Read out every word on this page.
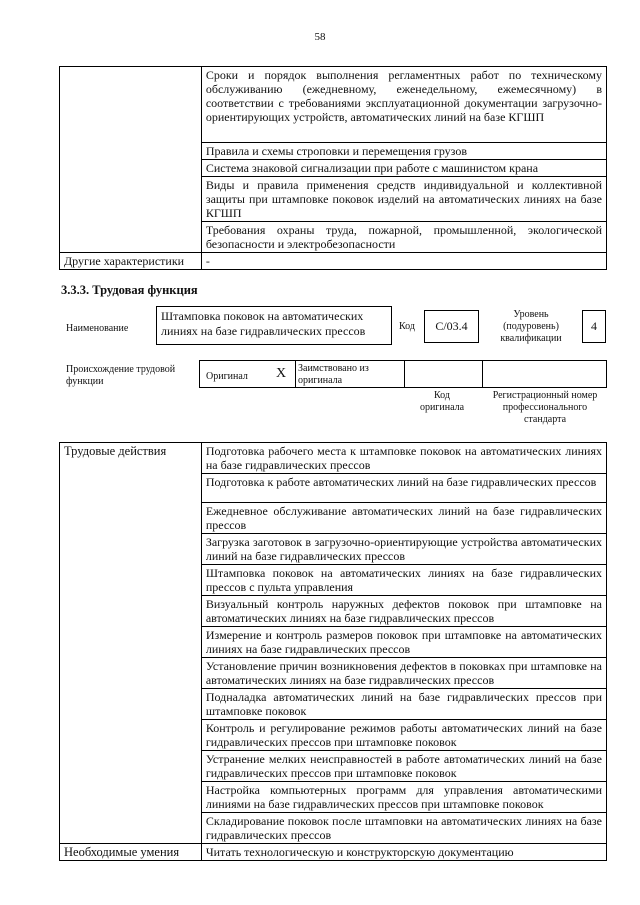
58
	Сроки и порядок выполнения регламентных работ по техническому обслуживанию (ежедневному, еженедельному, ежемесячному) в соответствии с требованиями эксплуатационной документации загрузочно-ориентирующих устройств, автоматических линий на базе КГШП
	Правила и схемы строповки и перемещения грузов
	Система знаковой сигнализации при работе с машинистом крана
	Виды и правила применения средств индивидуальной и коллективной защиты при штамповке поковок изделий на автоматических линиях на базе КГШП
	Требования охраны труда, пожарной, промышленной, экологической безопасности и электробезопасности
Другие характеристики	-
3.3.3. Трудовая функция
Наименование
Штамповка поковок на автоматических линиях на базе гидравлических прессов	Код	C/03.4
Уровень (подуровень) квалификации
4
Происхождение трудовой функции	Оригинал X Заимствовано из оригинала
Код оригинала
Регистрационный номер профессионального стандарта
Трудовые действия	Подготовка рабочего места к штамповке поковок на автоматических линиях на базе гидравлических прессов
	Подготовка к работе автоматических линий на базе гидравлических прессов
	Ежедневное обслуживание автоматических линий на базе гидравлических прессов
	Загрузка заготовок в загрузочно-ориентирующие устройства автоматических линий на базе гидравлических прессов
	Штамповка поковок на автоматических линиях на базе гидравлических прессов с пульта управления
	Визуальный контроль наружных дефектов поковок при штамповке на автоматических линиях на базе гидравлических прессов
	Измерение и контроль размеров поковок при штамповке на автоматических линиях на базе гидравлических прессов
	Установление причин возникновения дефектов в поковках при штамповке на автоматических линиях на базе гидравлических прессов
	Подналадка автоматических линий на базе гидравлических прессов при штамповке поковок
	Контроль и регулирование режимов работы автоматических линий на базе гидравлических прессов при штамповке поковок
	Устранение мелких неисправностей в работе автоматических линий на базе гидравлических прессов при штамповке поковок
	Настройка компьютерных программ для управления автоматическими линиями на базе гидравлических прессов при штамповке поковок
	Складирование поковок после штамповки на автоматических линиях на базе гидравлических прессов
Необходимые умения	Читать технологическую и конструкторскую документацию
